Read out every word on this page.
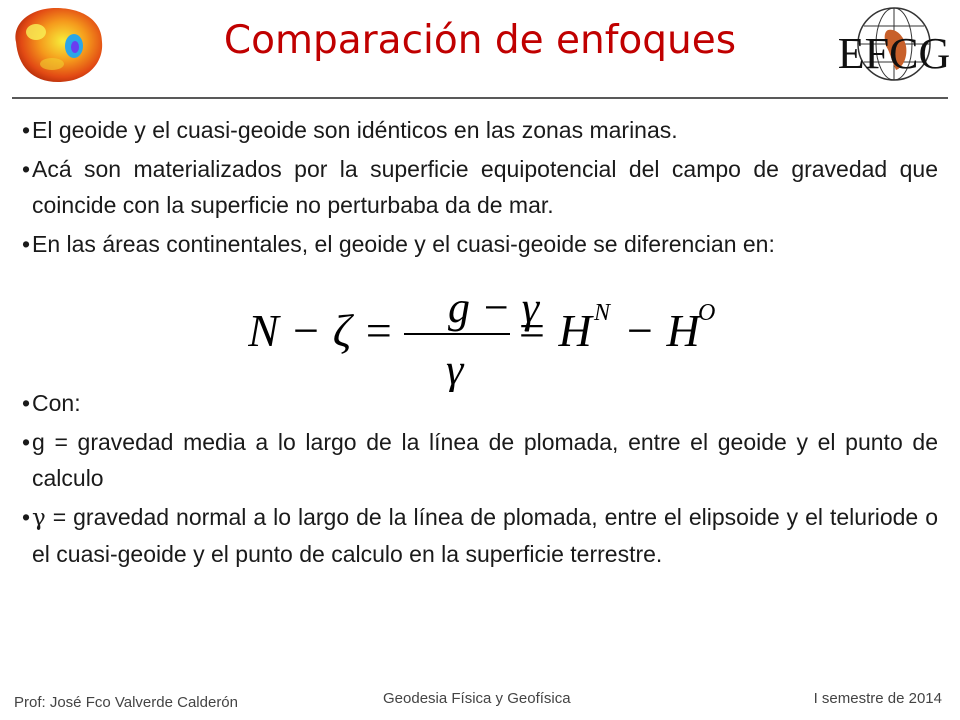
Comparación de enfoques	EFCG
• El geoide y el cuasi-geoide son idénticos en las zonas marinas.
• Acá son materializados por la superficie equipotencial del campo de gravedad que coincide con la superficie no perturbaba da de mar.
• En las áreas continentales, el geoide y el cuasi-geoide se diferencian en:
• Con:
• g = gravedad media a lo largo de la línea de plomada, entre el geoide y el punto de calculo
• γ = gravedad normal a lo largo de la línea de plomada, entre el elipsoide y el teluriode o el cuasi-geoide y el punto de calculo en la superficie terrestre.
N − ζ = g − γ
γ
= H N − H
O
Prof: José Fco Valverde Calderón	Geodesia Física y Geofísica	I semestre de 2014
